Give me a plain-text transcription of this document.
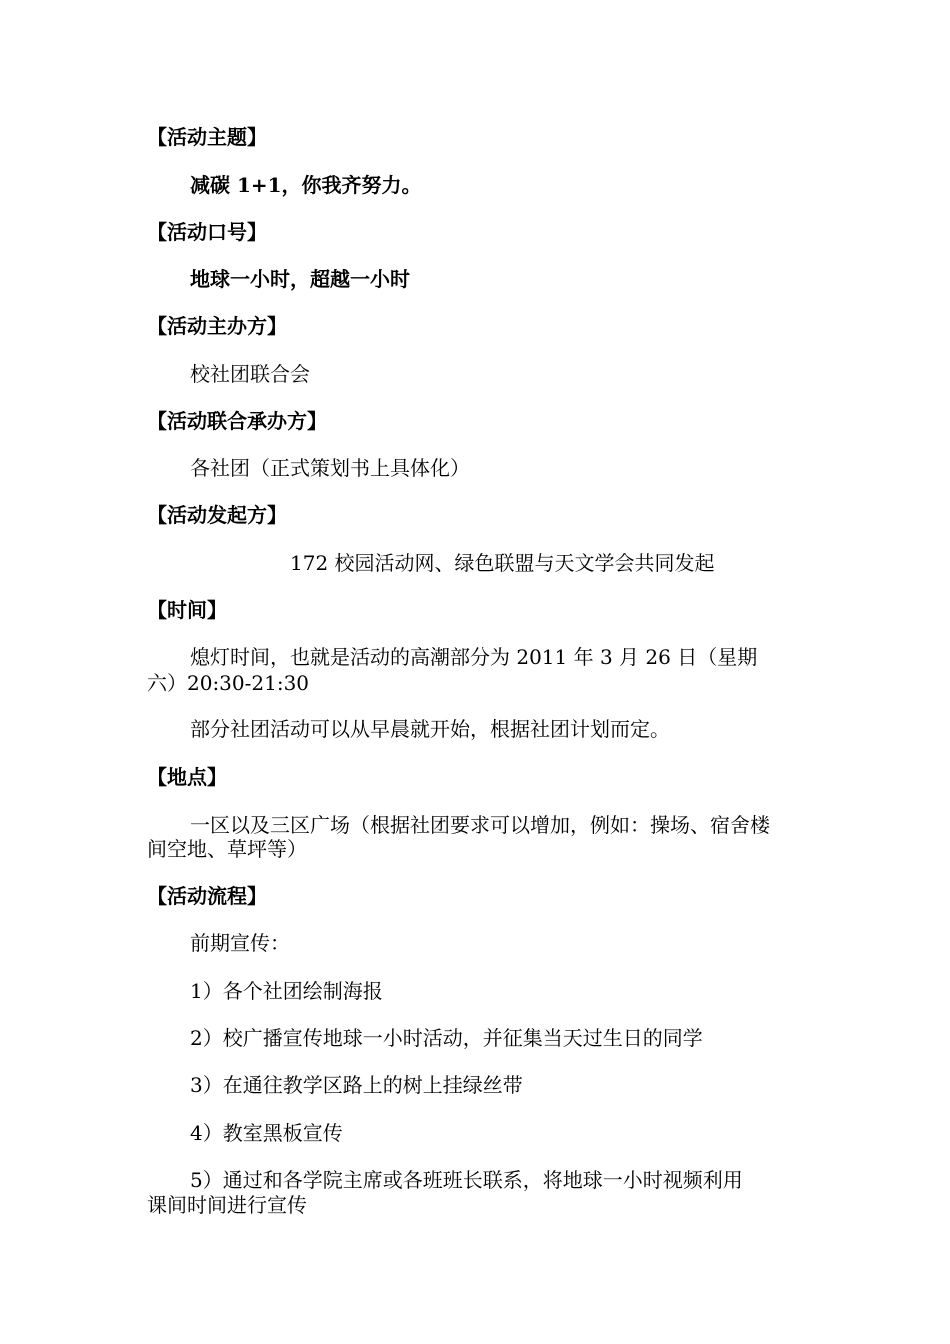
【活动主题】

减碳 1+1，你我齐努力。

【活动口号】

地球一小时，超越一小时

【活动主办方】

校社团联合会

【活动联合承办方】

各社团（正式策划书上具体化）

【活动发起方】

172 校园活动网、绿色联盟与天文学会共同发起

【时间】

熄灯时间，也就是活动的高潮部分为 2011 年 3 月 26 日（星期

六）20:30-21:30

部分社团活动可以从早晨就开始，根据社团计划而定。

【地点】

一区以及三区广场（根据社团要求可以增加，例如：操场、宿舍楼

间空地、草坪等）

【活动流程】

前期宣传：

1）各个社团绘制海报

2）校广播宣传地球一小时活动，并征集当天过生日的同学

3）在通往教学区路上的树上挂绿丝带

4）教室黑板宣传

5）通过和各学院主席或各班班长联系，将地球一小时视频利用

课间时间进行宣传
